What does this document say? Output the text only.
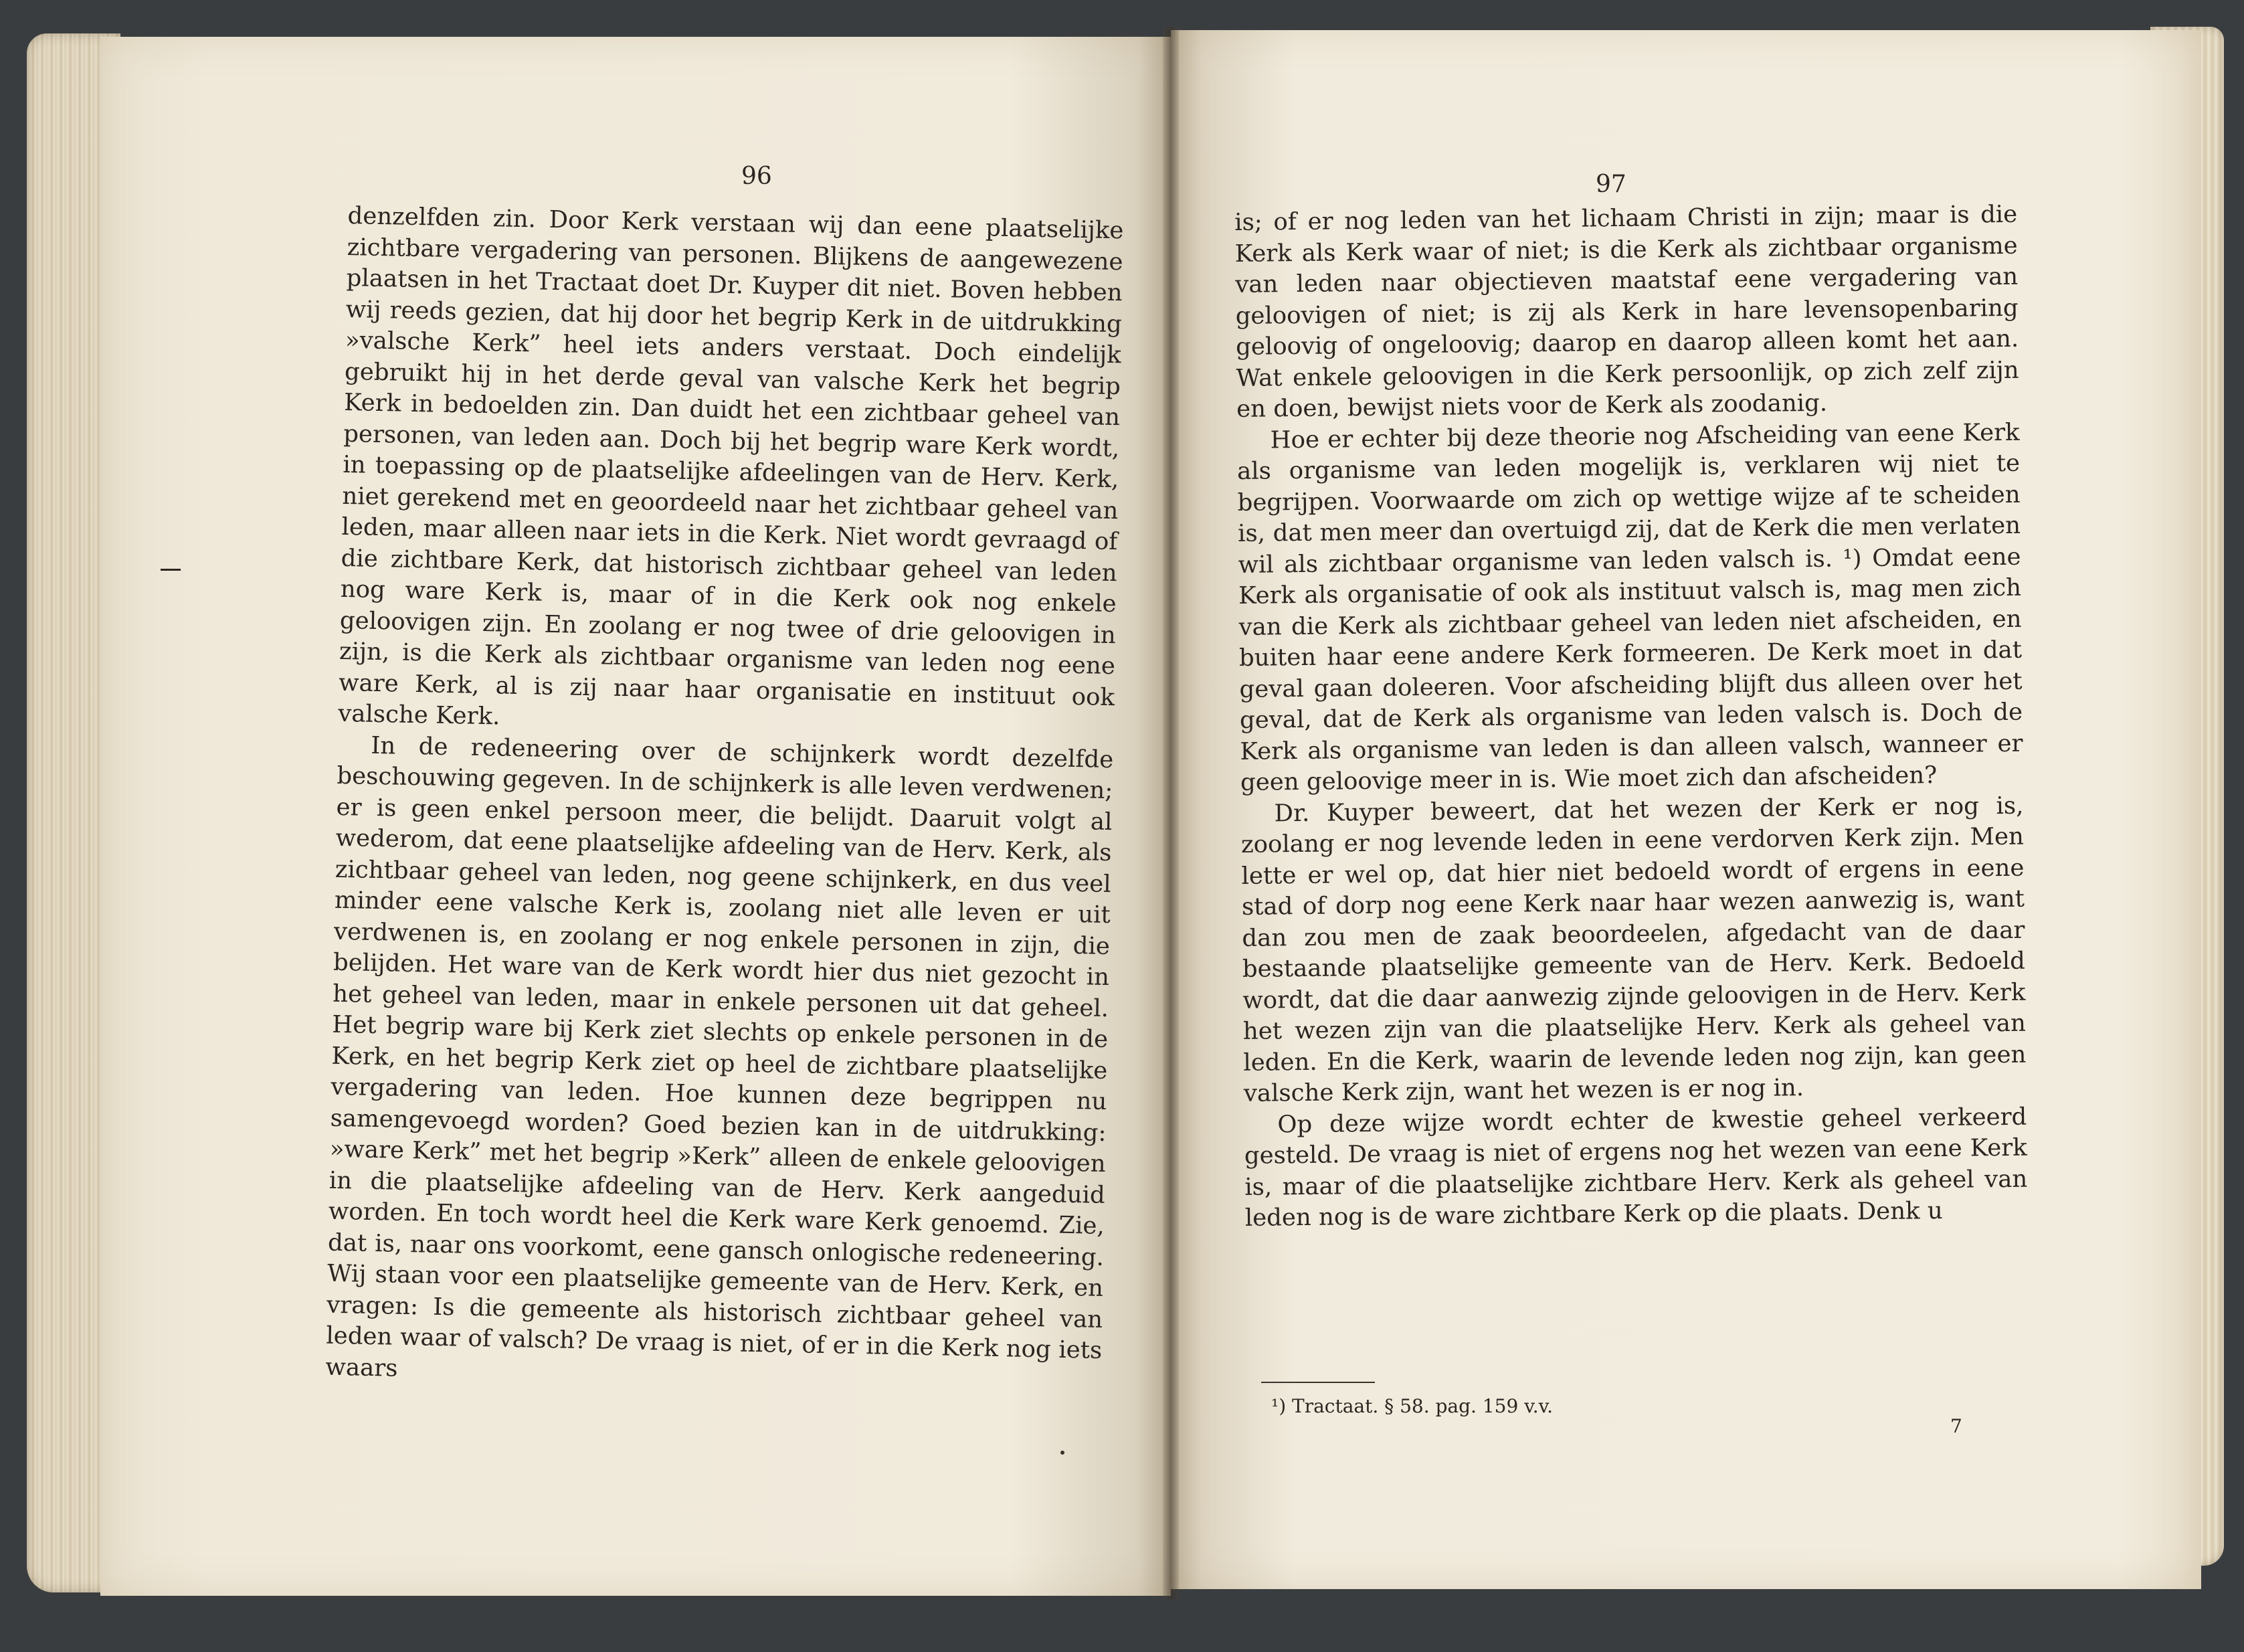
96	97

denzelfden zin. Door Kerk verstaan wij dan eene plaatselijke zichtbare vergadering van personen. Blijkens de aangewezene plaatsen in het Tractaat doet Dr. Kuyper dit niet. Boven hebben wij reeds gezien, dat hij door het begrip Kerk in de uitdrukking »valsche Kerk” heel iets anders verstaat. Doch eindelijk gebruikt hij in het derde geval van valsche Kerk het begrip Kerk in bedoelden zin. Dan duidt het een zichtbaar geheel van personen, van leden aan. Doch bij het begrip ware Kerk wordt, in toepassing op de plaatselijke afdeelingen van de Herv. Kerk, niet gerekend met en geoordeeld naar het zichtbaar geheel van leden, maar alleen naar iets in die Kerk. Niet wordt gevraagd of die zichtbare Kerk, dat historisch zichtbaar geheel van leden nog ware Kerk is, maar of in die Kerk ook nog enkele geloovigen zijn. En zoolang er nog twee of drie geloovigen in zijn, is die Kerk als zichtbaar organisme van leden nog eene ware Kerk, al is zij naar haar organisatie en instituut ook valsche Kerk.

In de redeneering over de schijnkerk wordt dezelfde beschouwing gegeven. In de schijnkerk is alle leven verdwenen; er is geen enkel persoon meer, die belijdt. Daaruit volgt al wederom, dat eene plaatselijke afdeeling van de Herv. Kerk, als zichtbaar geheel van leden, nog geene schijnkerk, en dus veel minder eene valsche Kerk is, zoolang niet alle leven er uit verdwenen is, en zoolang er nog enkele personen in zijn, die belijden. Het ware van de Kerk wordt hier dus niet gezocht in het geheel van leden, maar in enkele personen uit dat geheel. Het begrip ware bij Kerk ziet slechts op enkele personen in de Kerk, en het begrip Kerk ziet op heel de zichtbare plaatselijke vergadering van leden. Hoe kunnen deze begrippen nu samengevoegd worden? Goed bezien kan in de uitdrukking: »ware Kerk” met het begrip »Kerk” alleen de enkele geloovigen in die plaatselijke afdeeling van de Herv. Kerk aangeduid worden. En toch wordt heel die Kerk ware Kerk genoemd. Zie, dat is, naar ons voorkomt, eene gansch onlogische redeneering. Wij staan voor een plaatselijke gemeente van de Herv. Kerk, en vragen: Is die gemeente als historisch zichtbaar geheel van leden waar of valsch? De vraag is niet, of er in die Kerk nog iets waars

is; of er nog leden van het lichaam Christi in zijn; maar is die Kerk als Kerk waar of niet; is die Kerk als zichtbaar organisme van leden naar objectieven maatstaf eene vergadering van geloovigen of niet; is zij als Kerk in hare levensopenbaring geloovig of ongeloovig; daarop en daarop alleen komt het aan. Wat enkele geloovigen in die Kerk persoonlijk, op zich zelf zijn en doen, bewijst niets voor de Kerk als zoodanig.

Hoe er echter bij deze theorie nog Afscheiding van eene Kerk als organisme van leden mogelijk is, verklaren wij niet te begrijpen. Voorwaarde om zich op wettige wijze af te scheiden is, dat men meer dan overtuigd zij, dat de Kerk die men verlaten wil als zichtbaar organisme van leden valsch is. ¹) Omdat eene Kerk als organisatie of ook als instituut valsch is, mag men zich van die Kerk als zichtbaar geheel van leden niet afscheiden, en buiten haar eene andere Kerk formeeren. De Kerk moet in dat geval gaan doleeren. Voor afscheiding blijft dus alleen over het geval, dat de Kerk als organisme van leden valsch is. Doch de Kerk als organisme van leden is dan alleen valsch, wanneer er geen geloovige meer in is. Wie moet zich dan afscheiden?

Dr. Kuyper beweert, dat het wezen der Kerk er nog is, zoolang er nog levende leden in eene verdorven Kerk zijn. Men lette er wel op, dat hier niet bedoeld wordt of ergens in eene stad of dorp nog eene Kerk naar haar wezen aanwezig is, want dan zou men de zaak beoordeelen, afgedacht van de daar bestaande plaatselijke gemeente van de Herv. Kerk. Bedoeld wordt, dat die daar aanwezig zijnde geloovigen in de Herv. Kerk het wezen zijn van die plaatselijke Herv. Kerk als geheel van leden. En die Kerk, waarin de levende leden nog zijn, kan geen valsche Kerk zijn, want het wezen is er nog in.

Op deze wijze wordt echter de kwestie geheel verkeerd gesteld. De vraag is niet of ergens nog het wezen van eene Kerk is, maar of die plaatselijke zichtbare Herv. Kerk als geheel van leden nog is de ware zichtbare Kerk op die plaats. Denk u

¹) Tractaat. § 58. pag. 159 v.v.
7
